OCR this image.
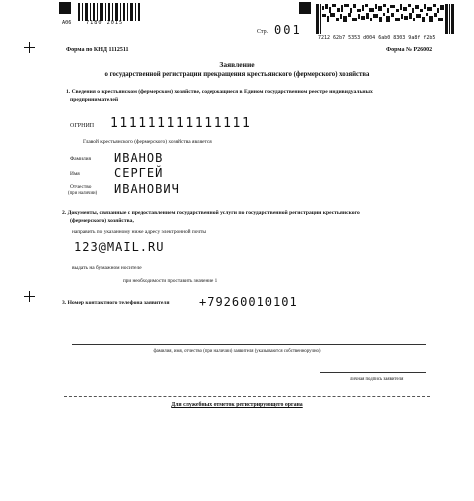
A06	7180 2015
Стр. 001
7212 62b7 5353 d004 6ab0 8303 9a8f f2b5
Форма по КНД 1112511	Форма № Р26002
Заявление
о государственной регистрации прекращения крестьянского (фермерского) хозяйства
1. Сведения о крестьянском (фермерском) хозяйстве, содержащиеся в Едином государственном реестре индивидуальных
предпринимателей
ОГРНИП 111111111111111
Главой крестьянского (фермерского) хозяйства является
Фамилия ИВАНОВ
Имя	СЕРГЕЙ
Отчество
(при наличии) ИВАНОВИЧ
2. Документы, связанные с предоставлением государственной услуги по государственной регистрации крестьянского
(фермерского) хозяйства,
направить по указанному ниже адресу электронной почты
123@MAIL.RU
выдать на бумажном носителе
при необходимости проставить значение 1
3. Номер контактного телефона заявителя +79260010101
фамилия, имя, отчество (при наличии) заявителя (указываются собственноручно)
личная подпись заявителя
Для служебных отметок регистрирующего органа
